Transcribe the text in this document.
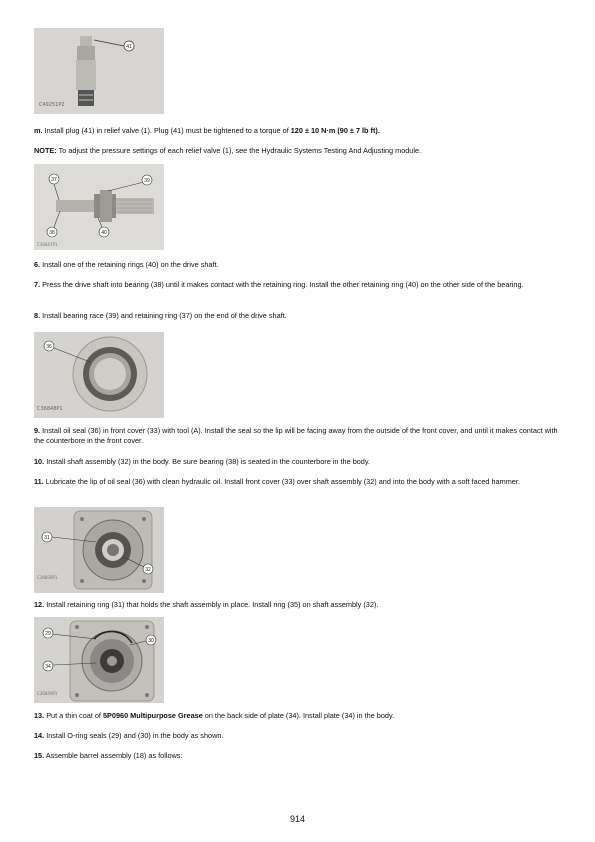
41
C49251P2

m. Install plug (41) in relief valve (1). Plug (41) must be tightened to a torque of 120 ± 10 N·m (90 ± 7 lb ft).

NOTE: To adjust the pressure settings of each relief valve (1), see the Hydraulic Systems Testing And Adjusting module.

37	39
38	40
C36847P1

6. Install one of the retaining rings (40) on the drive shaft.

7. Press the drive shaft into bearing (38) until it makes contact with the retaining ring. Install the other retaining ring (40) on the other side of the bearing.

8. Install bearing race (39) and retaining ring (37) on the end of the drive shaft.

36
C36848P1

9. Install oil seal (36) in front cover (33) with tool (A). Install the seal so the lip will be facing away from the outside of the front cover, and until it makes contact with the counterbore in the front cover.

10. Install shaft assembly (32) in the body. Be sure bearing (38) is seated in the counterbore in the body.

11. Lubricate the lip of oil seal (36) with clean hydraulic oil. Install front cover (33) over shaft assembly (32) and into the body with a soft faced hammer.

31
32
C36858P1

12. Install retaining ring (31) that holds the shaft assembly in place. Install ring (35) on shaft assembly (32).

29
30
34
C36849P1

13. Put a thin coat of 5P0960 Multipurpose Grease on the back side of plate (34). Install plate (34) in the body.

14. Install O-ring seals (29) and (30) in the body as shown.

15. Assemble barrel assembly (18) as follows:

914
